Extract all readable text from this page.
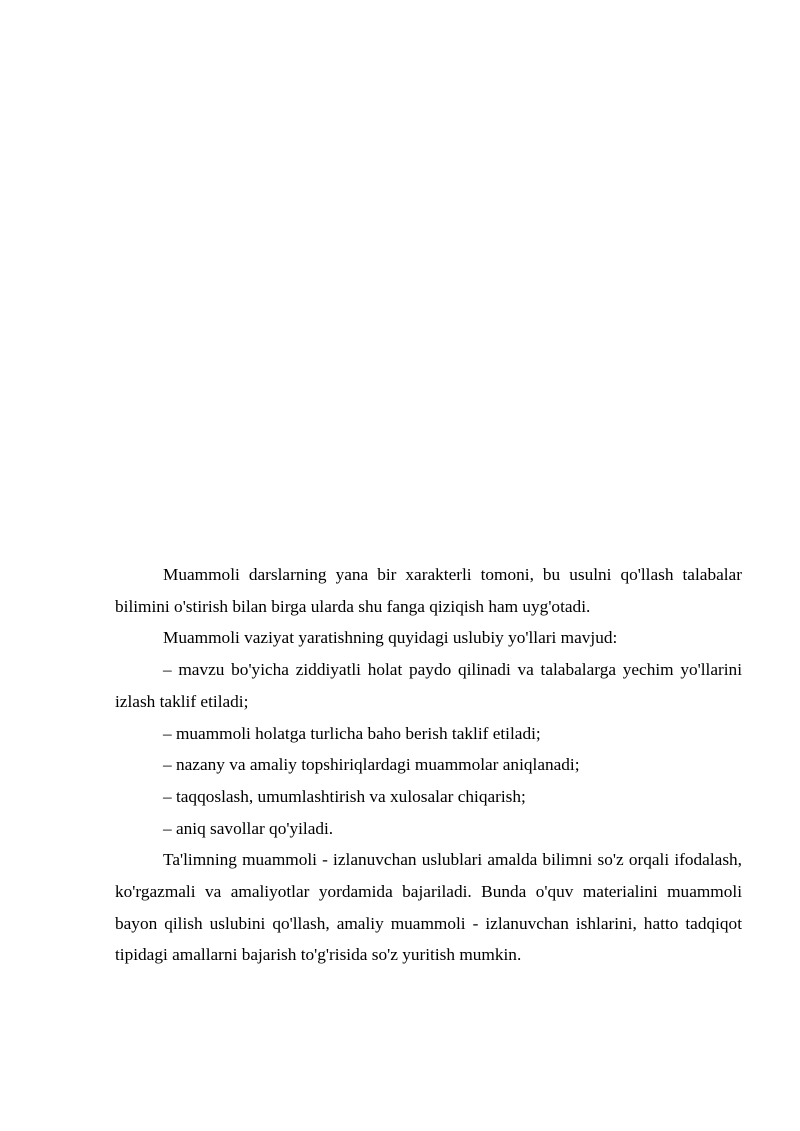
Muammoli darslarning yana bir xarakterli tomoni, bu usulni qo'llash talabalar bilimini o'stirish bilan birga ularda shu fanga qiziqish ham uyg'otadi.

Muammoli vaziyat yaratishning quyidagi uslubiy yo'llari mavjud:

– mavzu bo'yicha ziddiyatli holat paydo qilinadi va talabalarga yechim yo'llarini izlash taklif etiladi;

– muammoli holatga turlicha baho berish taklif etiladi;

– nazany va amaliy topshiriqlardagi muammolar aniqlanadi;

– taqqoslash, umumlashtirish va xulosalar chiqarish;

– aniq savollar qo'yiladi.

Ta'limning muammoli - izlanuvchan uslublari amalda bilimni so'z orqali ifodalash, ko'rgazmali va amaliyotlar yordamida bajariladi. Bunda o'quv materialini muammoli bayon qilish uslubini qo'llash, amaliy muammoli - izlanuvchan ishlarini, hatto tadqiqot tipidagi amallarni bajarish to'g'risida so'z yuritish mumkin.
